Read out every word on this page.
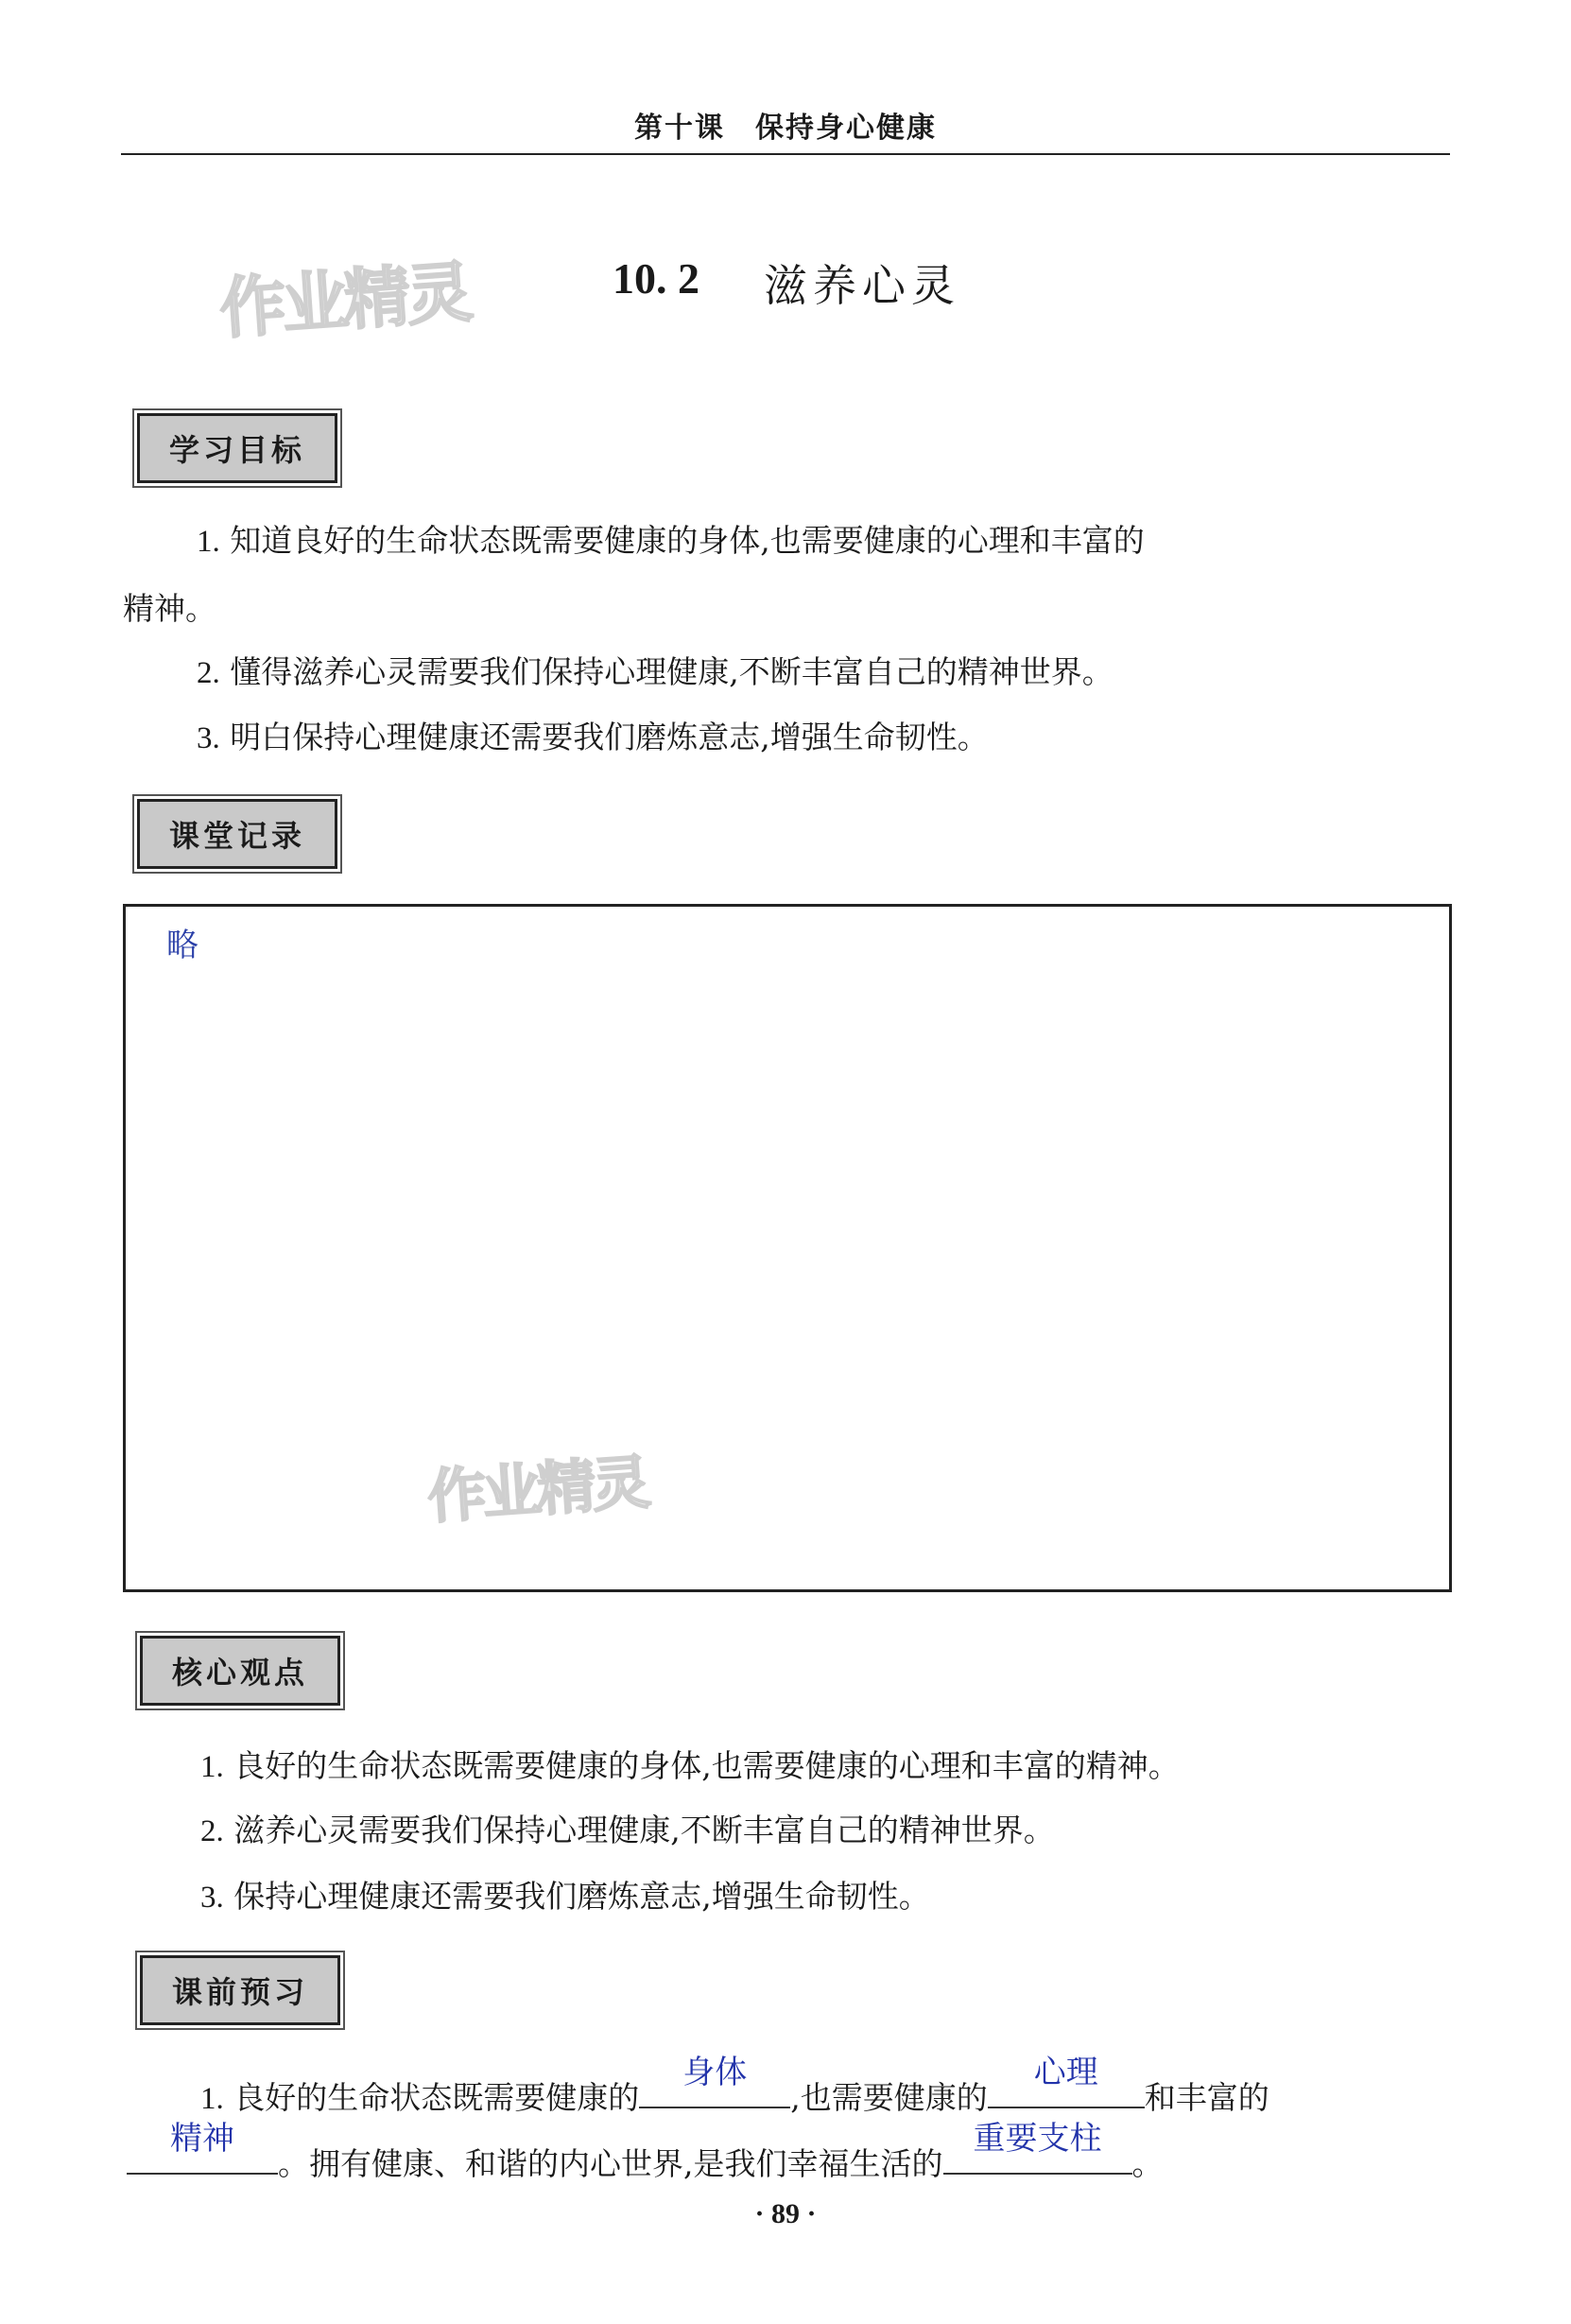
第十课　保持身心健康
作业精灵
作业精灵
10. 2 滋养心灵
学习目标
1. 知道良好的生命状态既需要健康的身体,也需要健康的心理和丰富的
精神。
2. 懂得滋养心灵需要我们保持心理健康,不断丰富自己的精神世界。
3. 明白保持心理健康还需要我们磨炼意志,增强生命韧性。
课堂记录
略
核心观点
1. 良好的生命状态既需要健康的身体,也需要健康的心理和丰富的精神。
2. 滋养心灵需要我们保持心理健康,不断丰富自己的精神世界。
3. 保持心理健康还需要我们磨炼意志,增强生命韧性。
课前预习
1. 良好的生命状态既需要健康的
身体
,也需要健康的
心理
和丰富的
精神
。拥有健康、和谐的内心世界,是我们幸福生活的
重要支柱
。
· 89 ·
